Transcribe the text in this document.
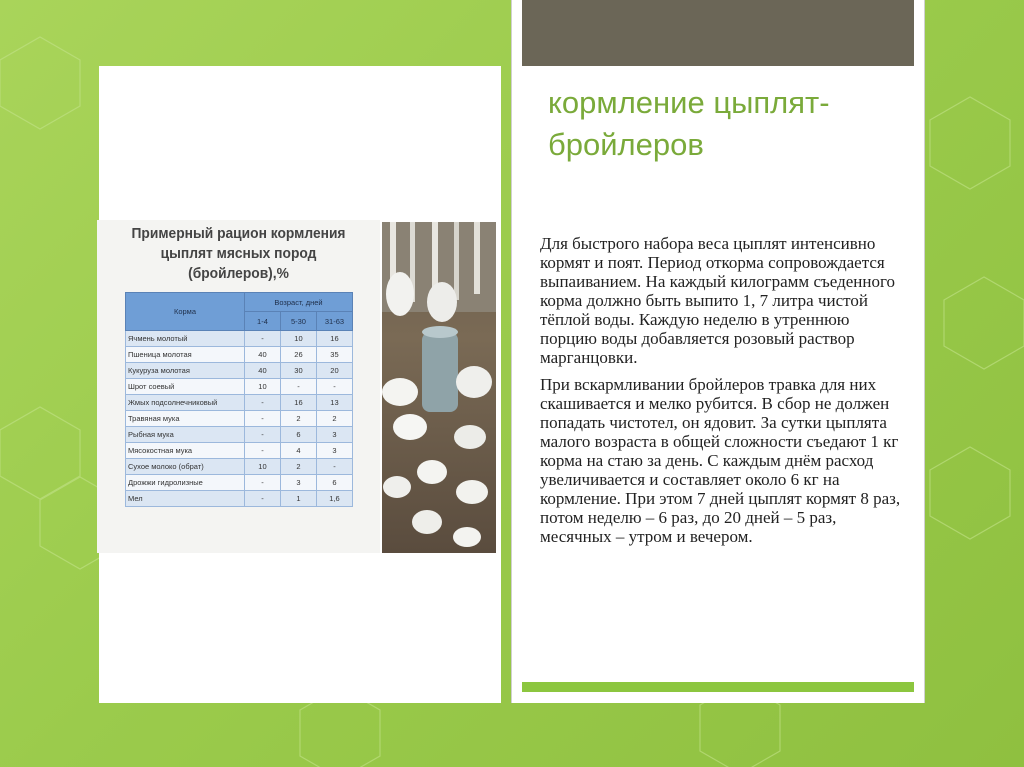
Примерный рацион кормления цыплят мясных пород (бройлеров),%
Корма	Возраст, дней		
	1-4	5-30	31-63
Ячмень молотый	-	10	16
Пшеница молотая	40	26	35
Кукуруза молотая	40	30	20
Шрот соевый	10	-	-
Жмых подсолнечниковый	-	16	13
Травяная мука	-	2	2
Рыбная мука	-	6	3
Мясокостная мука	-	4	3
Сухое молоко (обрат)	10	2	-
Дрожжи гидролизные	-	3	6
Мел	-	1	1,6
кормление цыплят-бройлеров

Для быстрого набора веса цыплят интенсивно кормят и поят. Период откорма сопровождается выпаиванием. На каждый килограмм съеденного корма должно быть выпито 1, 7 литра чистой тёплой воды. Каждую неделю в утреннюю порцию воды добавляется розовый раствор марганцовки.

При вскармливании бройлеров травка для них скашивается и мелко рубится. В сбор не должен попадать чистотел, он ядовит. За сутки цыплята малого возраста в общей сложности съедают 1 кг корма на стаю за день. С каждым днём расход увеличивается и составляет около 6 кг на кормление. При этом 7 дней цыплят кормят 8 раз, потом неделю – 6 раз, до 20 дней – 5 раз, месячных – утром и вечером.
